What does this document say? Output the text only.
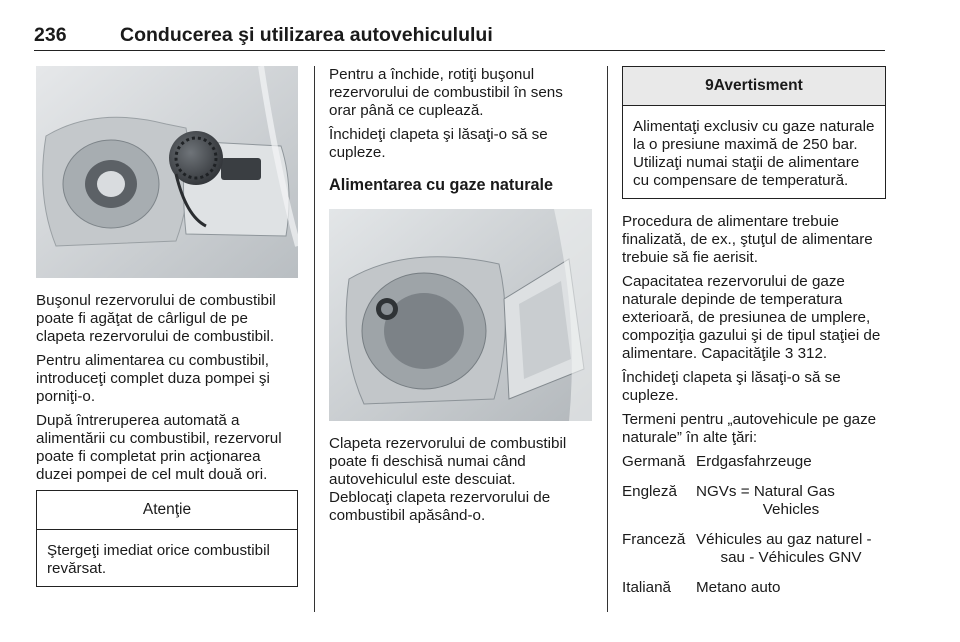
236	Conducerea şi utilizarea autovehiculului

Buşonul rezervorului de combustibil poate fi agăţat de cârligul de pe clapeta rezervorului de combustibil.

Pentru alimentarea cu combustibil, introduceţi complet duza pompei şi porniţi-o.

După întreruperea automată a alimentării cu combustibil, rezervorul poate fi completat prin acţionarea duzei pompei de cel mult două ori.

Atenţie

Ştergeţi imediat orice combustibil revărsat.

Pentru a închide, rotiţi buşonul rezervorului de combustibil în sens orar până ce cuplează.

Închideţi clapeta şi lăsaţi-o să se cupleze.

Alimentarea cu gaze naturale

Clapeta rezervorului de combustibil poate fi deschisă numai când autovehiculul este descuiat.

Deblocaţi clapeta rezervorului de combustibil apăsând-o.

9Avertisment

Alimentaţi exclusiv cu gaze naturale la o presiune maximă de 250 bar. Utilizaţi numai staţii de alimentare cu compensare de temperatură.

Procedura de alimentare trebuie finalizată, de ex., ştuţul de alimentare trebuie să fie aerisit.

Capacitatea rezervorului de gaze naturale depinde de temperatura exterioară, de presiunea de umplere, compoziţia gazului şi de tipul staţiei de alimentare. Capacităţile 3 312.

Închideţi clapeta şi lăsaţi-o să se cupleze.

Termeni pentru „autovehicule pe gaze naturale” în alte ţări:

Germană Erdgasfahrzeuge
Engleză	NGVs = Natural Gas
Vehicles
Franceză Véhicules au gaz naturel -
sau - Véhicules GNV
Italiană	Metano auto
